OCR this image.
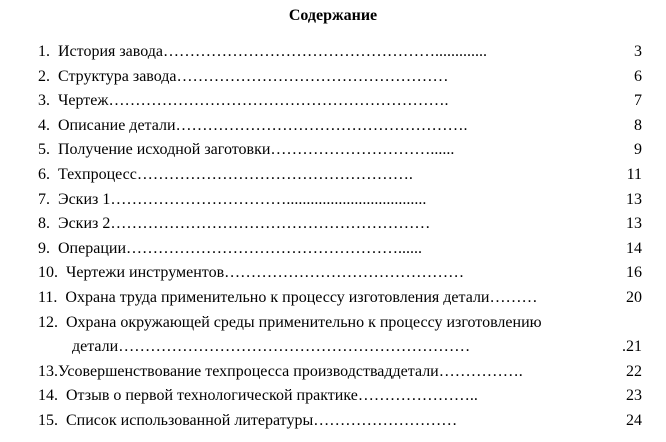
Содержание
1. История завода …………………………………………….............	3
2. Структура завода ……………………………………………	6
3. Чертеж ……………………………………………………….	7
4. Описание детали ……………………………………………….	8
5. Получение исходной заготовки …………………………......	9
6. Техпроцесс …………………………………………….	11
7. Эскиз 1 ……………………………...................................	13
8. Эскиз 2 ……………………………………………………	13
9. Операции ……………………………………………......	14
10. Чертежи инструментов ………………………………………	16
11. Охрана труда применительно к процессу изготовления детали ………	20
12. Охрана окружающей среды применительно к процессу изготовлению
детали …………………………………………………………	.21
13. Усовершенствование техпроцесса производстваддетали …………….	22
14. Отзыв о первой технологической практике …………………..	23
15. Список использованной литературы ………………………	24
